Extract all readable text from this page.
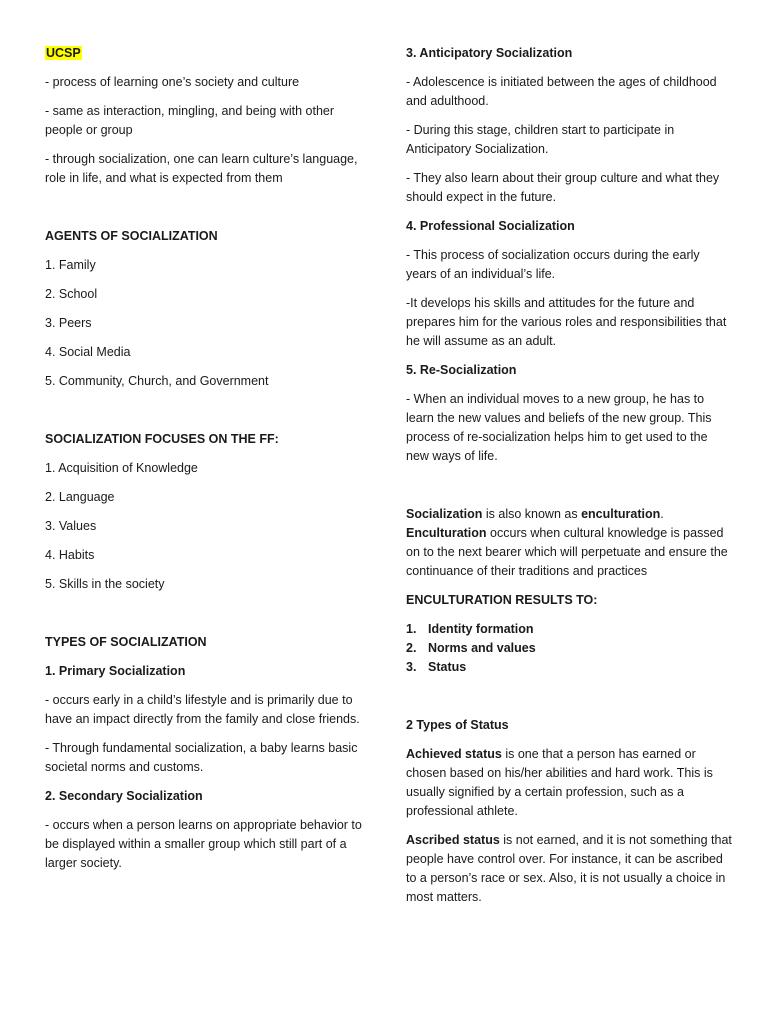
UCSP

- process of learning one’s society and culture

- same as interaction, mingling, and being with other people or group

- through socialization, one can learn culture’s language, role in life, and what is expected from them

AGENTS OF SOCIALIZATION

1. Family

2. School

3. Peers

4. Social Media

5. Community, Church, and Government

SOCIALIZATION FOCUSES ON THE FF:

1. Acquisition of Knowledge

2. Language

3. Values

4. Habits

5. Skills in the society

TYPES OF SOCIALIZATION

1. Primary Socialization

- occurs early in a child’s lifestyle and is primarily due to have an impact directly from the family and close friends.

- Through fundamental socialization, a baby learns basic societal norms and customs.

2. Secondary Socialization

- occurs when a person learns on appropriate behavior to be displayed within a smaller group which still part of a larger society.

3. Anticipatory Socialization

- Adolescence is initiated between the ages of childhood and adulthood.

- During this stage, children start to participate in Anticipatory Socialization.

- They also learn about their group culture and what they should expect in the future.

4. Professional Socialization

- This process of socialization occurs during the early years of an individual’s life.

-It develops his skills and attitudes for the future and prepares him for the various roles and responsibilities that he will assume as an adult.

5. Re-Socialization

- When an individual moves to a new group, he has to learn the new values and beliefs of the new group. This process of re-socialization helps him to get used to the new ways of life.

Socialization is also known as enculturation.
Enculturation occurs when cultural knowledge is passed on to the next bearer which will perpetuate and ensure the continuance of their traditions and practices

ENCULTURATION RESULTS TO:

1. Identity formation
2. Norms and values
3. Status

2 Types of Status

Achieved status is one that a person has earned or chosen based on his/her abilities and hard work. This is usually signified by a certain profession, such as a professional athlete.

Ascribed status is not earned, and it is not something that people have control over. For instance, it can be ascribed to a person’s race or sex. Also, it is not usually a choice in most matters.
